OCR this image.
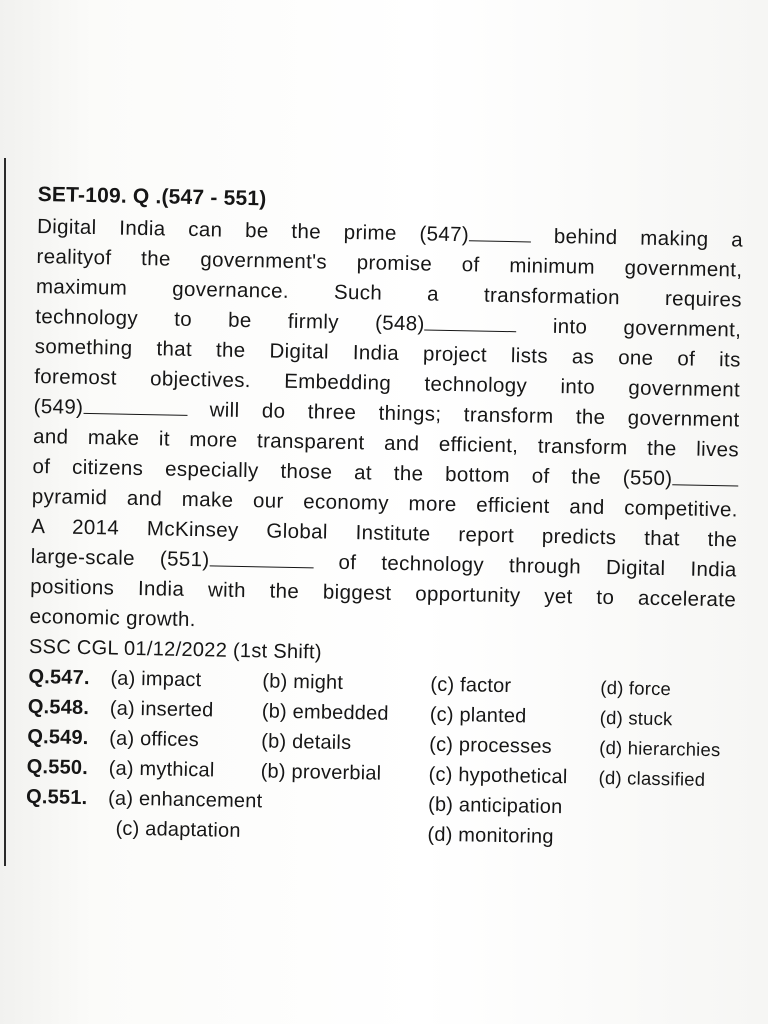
SET-109. Q .(547 - 551)
Digital India can be the prime (547)	behind making a
realityof the government's promise of minimum government,
maximum governance. Such a transformation requires
technology to be firmly (548)	into government,
something that the Digital India project lists as one of its
foremost objectives. Embedding technology into government
(549)	will do three things; transform the government
and make it more transparent and efficient, transform the lives
of citizens especially those at the bottom of the (550)
pyramid and make our economy more efficient and competitive.
A 2014 McKinsey Global Institute report predicts that the
large-scale (551)	of technology through Digital India
positions India with the biggest opportunity yet to accelerate
economic growth.
SSC CGL 01/12/2022 (1st Shift)
Q.547.	(a) impact	(b) might	(c) factor	(d) force
Q.548.	(a) inserted	(b) embedded	(c) planted	(d) stuck
Q.549.	(a) offices	(b) details	(c) processes	(d) hierarchies
Q.550.	(a) mythical	(b) proverbial	(c) hypothetical	(d) classified
Q.551.	(a) enhancement		(b) anticipation	
	(c) adaptation		(d) monitoring	
